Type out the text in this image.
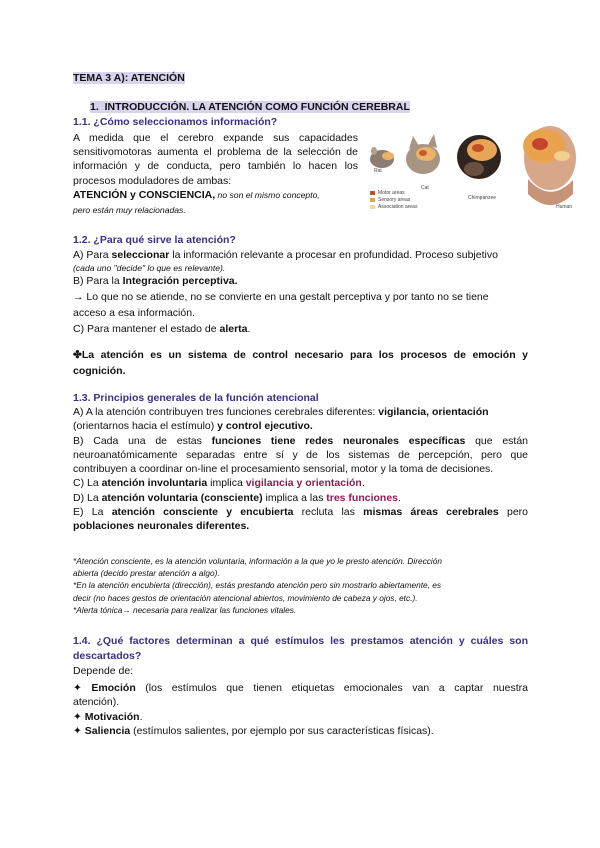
TEMA 3 A): ATENCIÓN
1. INTRODUCCIÓN. LA ATENCIÓN COMO FUNCIÓN CEREBRAL
1.1. ¿Cómo seleccionamos información?
A medida que el cerebro expande sus capacidades
sensitivomotoras aumenta el problema de la selección de
información y de conducta, pero también lo hacen los
procesos moduladores de ambas:
ATENCIÓN y CONSCIENCIA, no son el mismo concepto,
pero están muy relacionadas.
Rat
Cat
Chimpanzee
Human
Motor areas
Sensory areas
Association areas
1.2. ¿Para qué sirve la atención?
A) Para seleccionar la información relevante a procesar en profundidad. Proceso subjetivo
(cada uno "decide" lo que es relevante).
B) Para la Integración perceptiva.
→ Lo que no se atiende, no se convierte en una gestalt perceptiva y por tanto no se tiene
acceso a esa información.
C) Para mantener el estado de alerta.
✤La atención es un sistema de control necesario para los procesos de emoción y
cognición.
1.3. Principios generales de la función atencional
A) A la atención contribuyen tres funciones cerebrales diferentes: vigilancia, orientación
(orientarnos hacia el estímulo) y control ejecutivo.
B) Cada una de estas funciones tiene redes neuronales específicas que están
neuroanatómicamente separadas entre sí y de los sistemas de percepción, pero que
contribuyen a coordinar on-line el procesamiento sensorial, motor y la toma de decisiones.
C) La atención involuntaria implica vigilancia y orientación.
D) La atención voluntaria (consciente) implica a las tres funciones.
E) La atención consciente y encubierta recluta las mismas áreas cerebrales pero
poblaciones neuronales diferentes.
*Atención consciente, es la atención voluntaria, información a la que yo le presto atención. Dirección
abierta (decido prestar atención a algo).
*En la atención encubierta (dirección), estás prestando atención pero sin mostrarlo abiertamente, es
decir (no haces gestos de orientación atencional abiertos, movimiento de cabeza y ojos, etc.).
*Alerta tónica→ necesaria para realizar las funciones vitales.
1.4. ¿Qué factores determinan a qué estímulos les prestamos atención y cuáles son
descartados?
Depende de:
✦ Emoción (los estímulos que tienen etiquetas emocionales van a captar nuestra
atención).
✦ Motivación.
✦ Saliencia (estímulos salientes, por ejemplo por sus características físicas).
